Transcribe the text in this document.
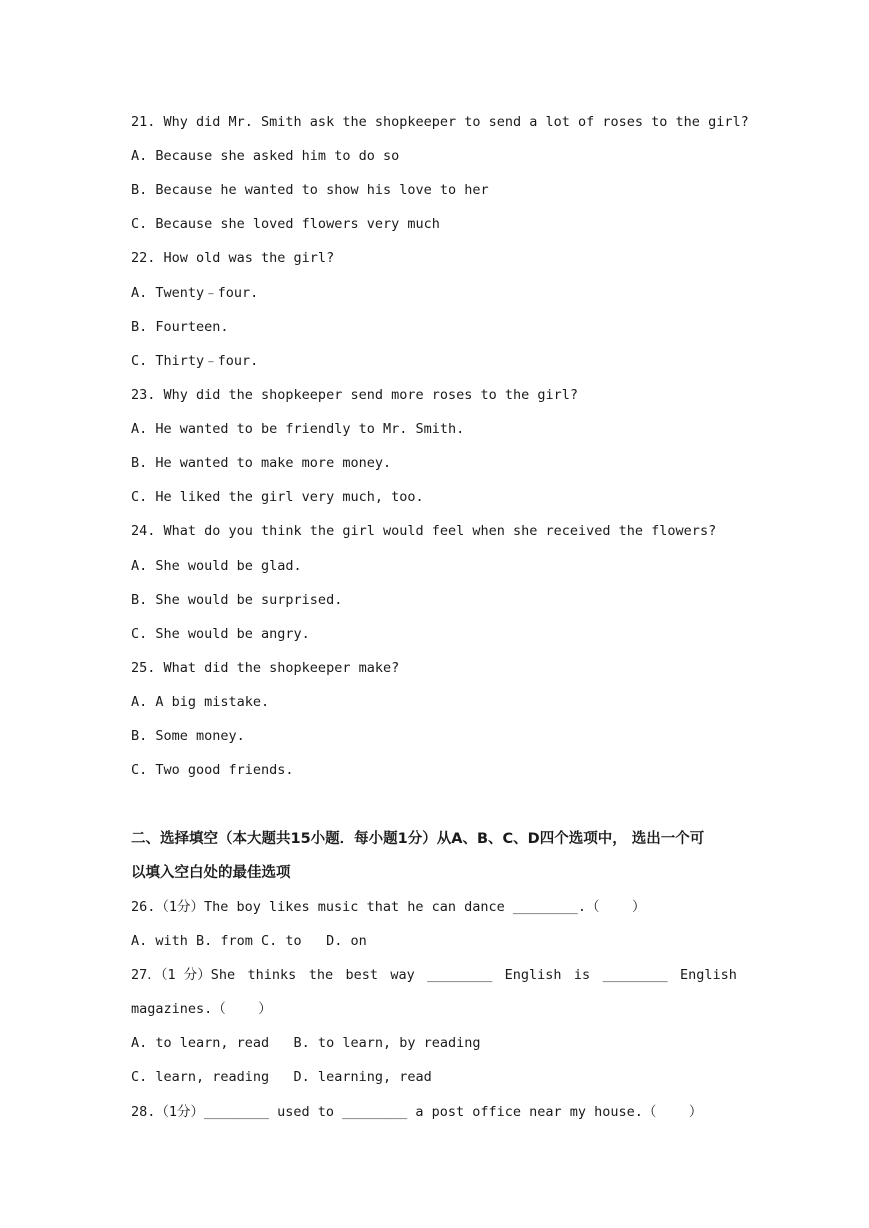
21. Why did Mr. Smith ask the shopkeeper to send a lot of roses to the girl?
A. Because she asked him to do so
B. Because he wanted to show his love to her
C. Because she loved flowers very much
22. How old was the girl?
A. Twenty﹣four.
B. Fourteen.
C. Thirty﹣four.
23. Why did the shopkeeper send more roses to the girl?
A. He wanted to be friendly to Mr. Smith.
B. He wanted to make more money.
C. He liked the girl very much, too.
24. What do you think the girl would feel when she received the flowers?
A. She would be glad.
B. She would be surprised.
C. She would be angry.
25. What did the shopkeeper make?
A. A big mistake.
B. Some money.
C. Two good friends.
二、选择填空（本大题共15小题．每小题1分）从A、B、C、D四个选项中， 选出一个可
以填入空白处的最佳选项
26.（1分）The boy likes music that he can dance ________.（    ）
A. with B. from C. to   D. on
27．（1 分）She thinks the best way ________ English is ________ English
magazines.（    ）
A. to learn, read   B. to learn, by reading
C. learn, reading   D. learning, read
28.（1分）________ used to ________ a post office near my house.（    ）
